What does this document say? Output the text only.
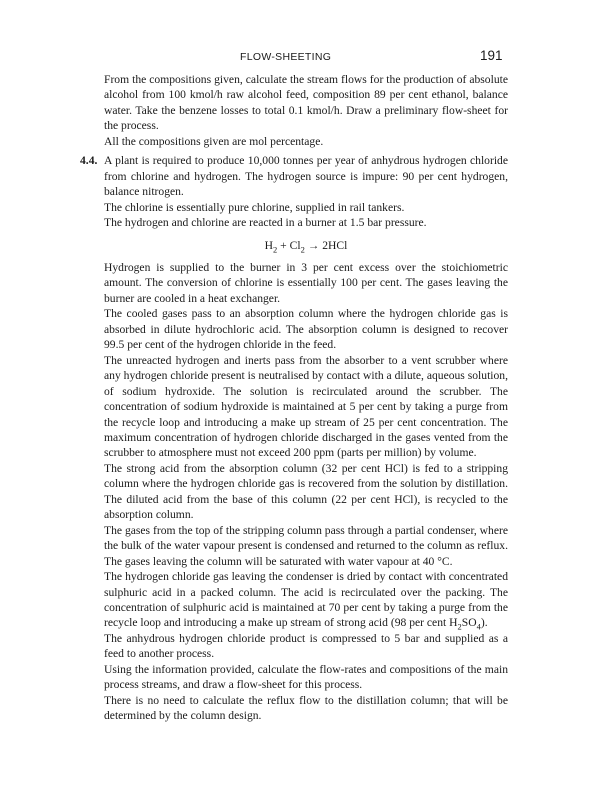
FLOW-SHEETING	191

From the compositions given, calculate the stream flows for the production of absolute alcohol from 100 kmol/h raw alcohol feed, composition 89 per cent ethanol, balance water. Take the benzene losses to total 0.1 kmol/h. Draw a preliminary flow-sheet for the process.

All the compositions given are mol percentage.

4.4. A plant is required to produce 10,000 tonnes per year of anhydrous hydrogen chloride from chlorine and hydrogen. The hydrogen source is impure: 90 per cent hydrogen, balance nitrogen.

The chlorine is essentially pure chlorine, supplied in rail tankers.

The hydrogen and chlorine are reacted in a burner at 1.5 bar pressure.

$H_2 + Cl_2 \to 2HCl$

Hydrogen is supplied to the burner in 3 per cent excess over the stoichiometric amount. The conversion of chlorine is essentially 100 per cent. The gases leaving the burner are cooled in a heat exchanger.

The cooled gases pass to an absorption column where the hydrogen chloride gas is absorbed in dilute hydrochloric acid. The absorption column is designed to recover 99.5 per cent of the hydrogen chloride in the feed.

The unreacted hydrogen and inerts pass from the absorber to a vent scrubber where any hydrogen chloride present is neutralised by contact with a dilute, aqueous solution, of sodium hydroxide. The solution is recirculated around the scrubber. The concentration of sodium hydroxide is maintained at 5 per cent by taking a purge from the recycle loop and introducing a make up stream of 25 per cent concentration. The maximum concentration of hydrogen chloride discharged in the gases vented from the scrubber to atmosphere must not exceed 200 ppm (parts per million) by volume.

The strong acid from the absorption column (32 per cent HCl) is fed to a stripping column where the hydrogen chloride gas is recovered from the solution by distillation. The diluted acid from the base of this column (22 per cent HCl), is recycled to the absorption column.

The gases from the top of the stripping column pass through a partial condenser, where the bulk of the water vapour present is condensed and returned to the column as reflux. The gases leaving the column will be saturated with water vapour at 40 °C.

The hydrogen chloride gas leaving the condenser is dried by contact with concentrated sulphuric acid in a packed column. The acid is recirculated over the packing. The concentration of sulphuric acid is maintained at 70 per cent by taking a purge from the recycle loop and introducing a make up stream of strong acid (98 per cent $H_2SO_4$).

The anhydrous hydrogen chloride product is compressed to 5 bar and supplied as a feed to another process.

Using the information provided, calculate the flow-rates and compositions of the main process streams, and draw a flow-sheet for this process.

There is no need to calculate the reflux flow to the distillation column; that will be determined by the column design.
